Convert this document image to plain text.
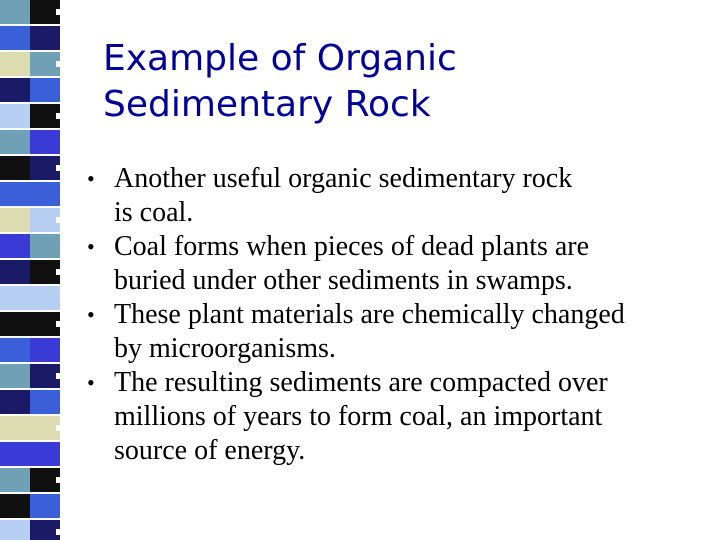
Example of Organic
Sedimentary Rock
• Another useful organic sedimentary rock
is coal.
• Coal forms when pieces of dead plants are
buried under other sediments in swamps.
• These plant materials are chemically changed
by microorganisms.
• The resulting sediments are compacted over
millions of years to form coal, an important
source of energy.
